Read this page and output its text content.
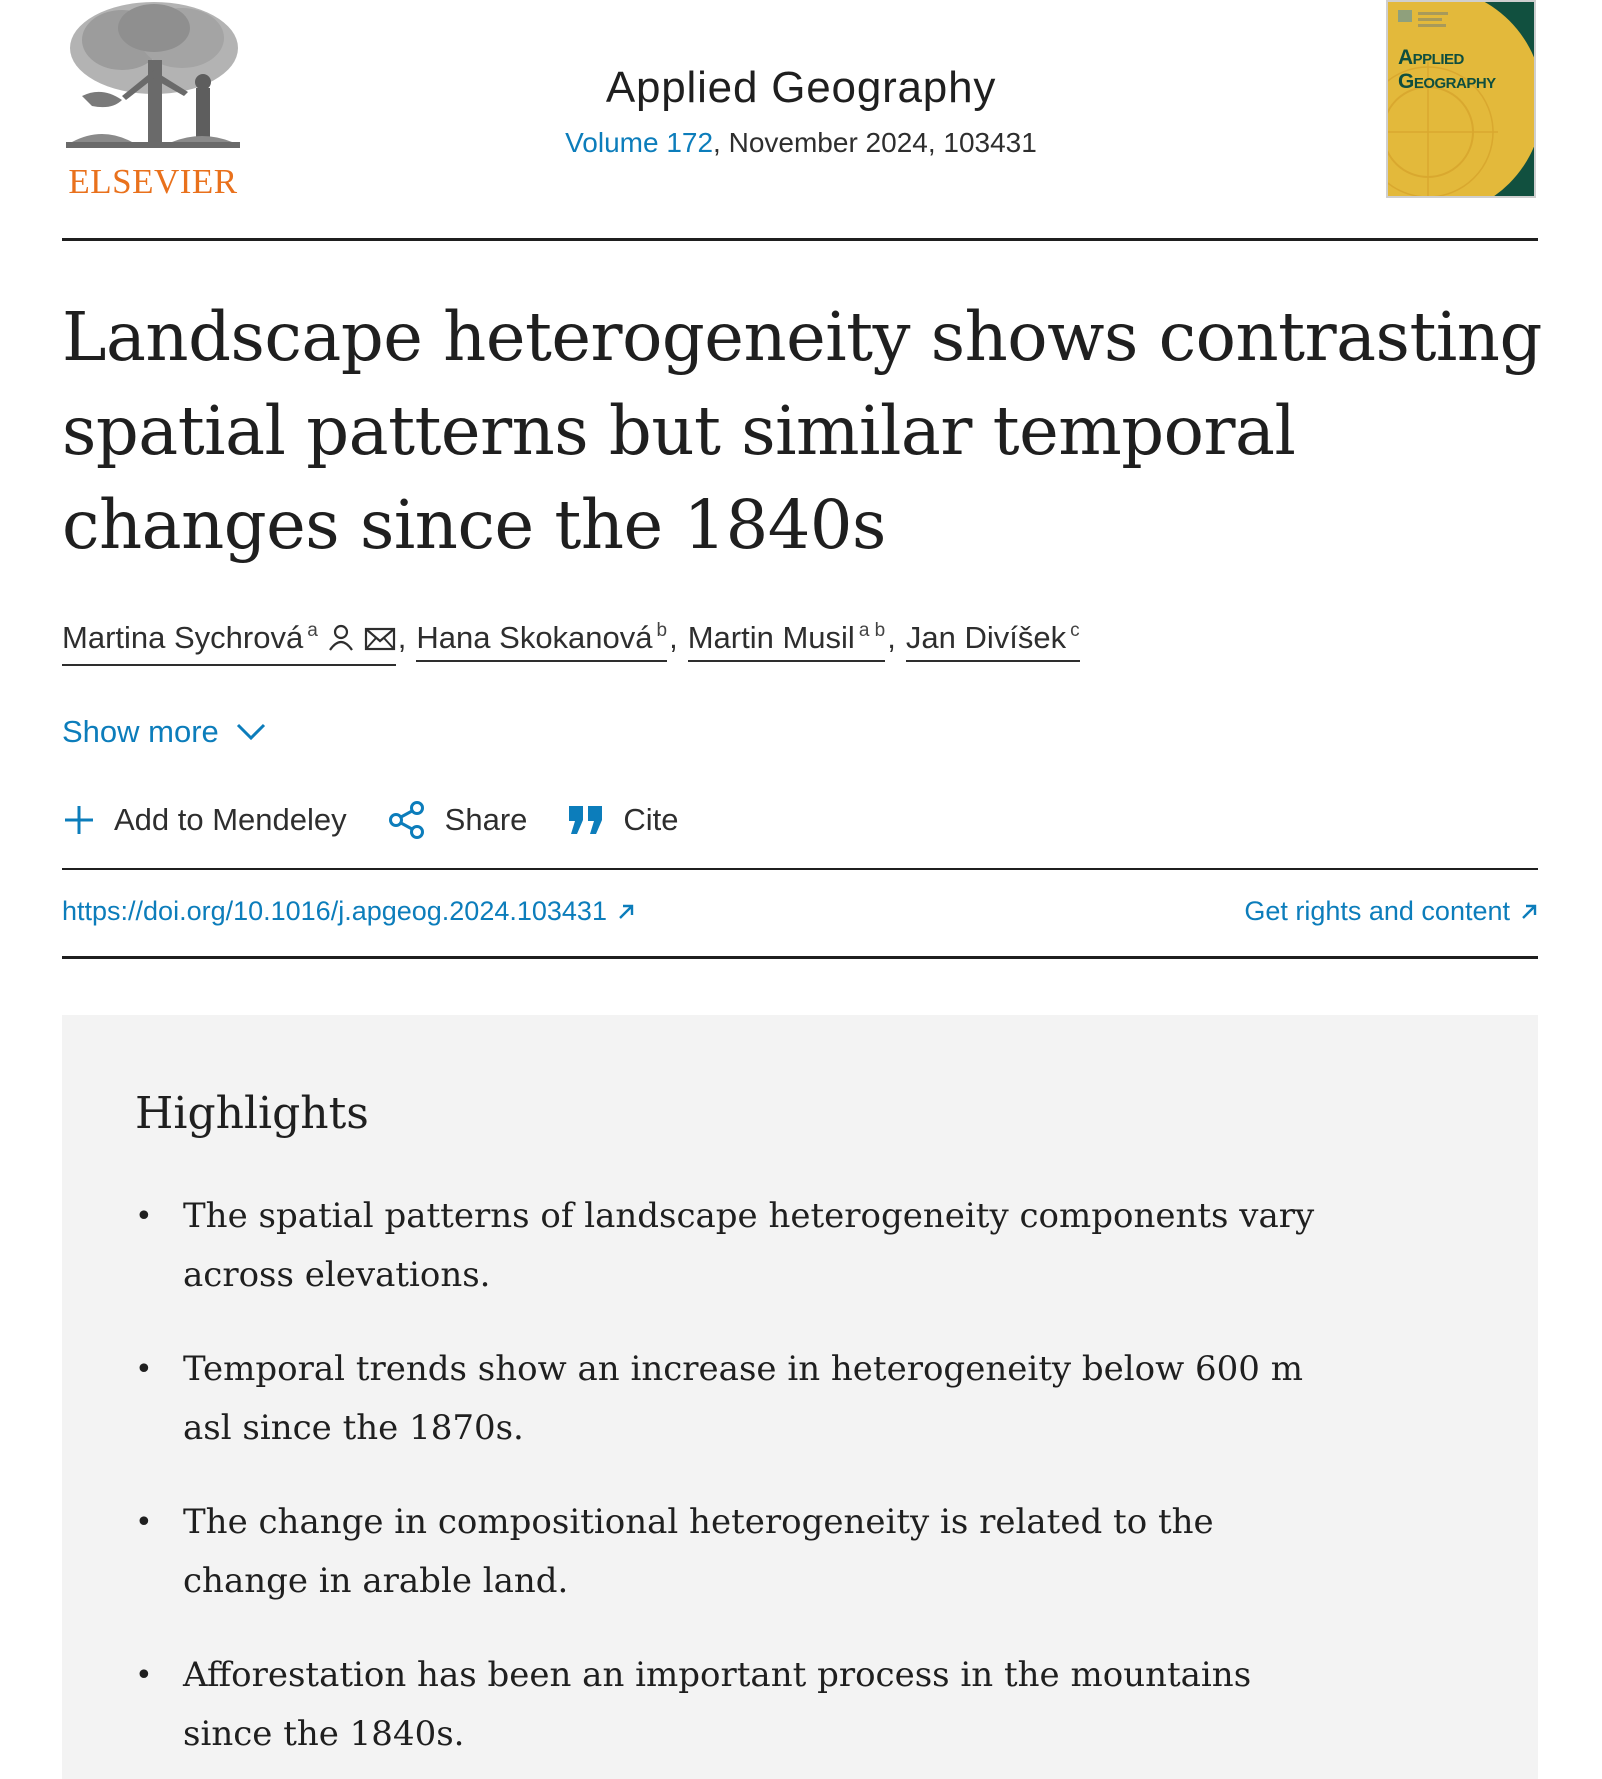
ELSEVIER
Applied Geography
Volume 172, November 2024, 103431
Applied
Geography
Landscape heterogeneity shows contrasting spatial patterns but similar temporal changes since the 1840s
Martina Sychrová $^a$	, Hana Skokanová $^b$, Martin Musil $^{a b}$, Jan Divíšek $^c$
Show more
Add to Mendeley	Share	Cite
https://doi.org/10.1016/j.apgeog.2024.103431	Get rights and content
Highlights
• The spatial patterns of landscape heterogeneity components vary across elevations.
• Temporal trends show an increase in heterogeneity below 600 m asl since the 1870s.
• The change in compositional heterogeneity is related to the change in arable land.
• Afforestation has been an important process in the mountains since the 1840s.
